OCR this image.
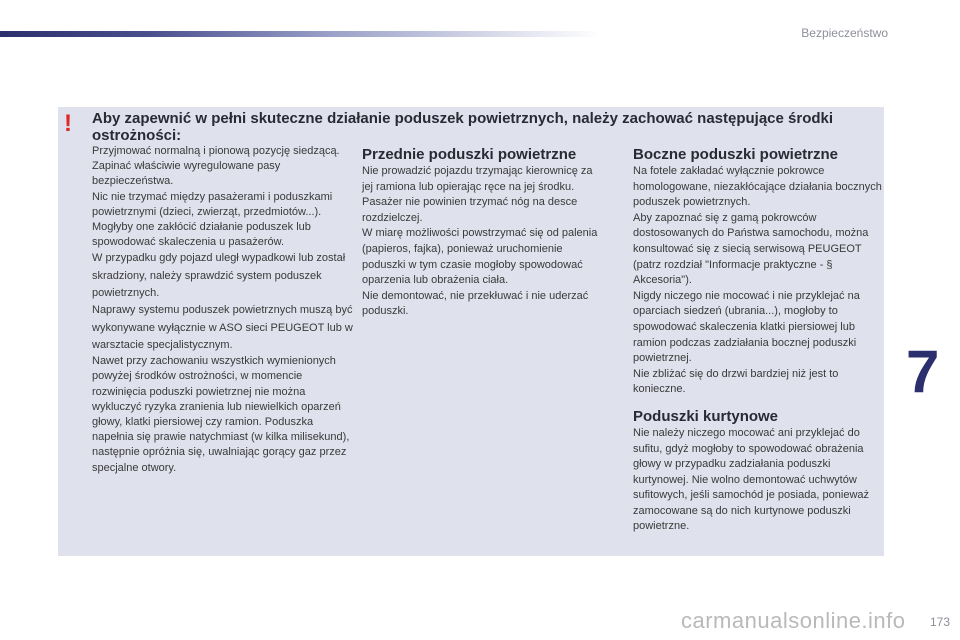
Bezpieczeństwo
! Aby zapewnić w pełni skuteczne działanie poduszek powietrznych, należy zachować następujące środki ostrożności:

Przyjmować normalną i pionową pozycję siedzącą.

Zapinać właściwie wyregulowane pasy bezpieczeństwa.

Nic nie trzymać między pasażerami i poduszkami powietrznymi (dzieci, zwierząt, przedmiotów...). Mogłyby one zakłócić działanie poduszek lub spowodować skaleczenia u pasażerów.

W przypadku gdy pojazd uległ wypadkowi lub został skradziony, należy sprawdzić system poduszek powietrznych.

Naprawy systemu poduszek powietrznych muszą być wykonywane wyłącznie w ASO sieci PEUGEOT lub w warsztacie specjalistycznym.

Nawet przy zachowaniu wszystkich wymienionych powyżej środków ostrożności, w momencie rozwinięcia poduszki powietrznej nie można wykluczyć ryzyka zranienia lub niewielkich oparzeń głowy, klatki piersiowej czy ramion. Poduszka napełnia się prawie natychmiast (w kilka milisekund), następnie opróżnia się, uwalniając gorący gaz przez specjalne otwory.

Przednie poduszki powietrzne

Nie prowadzić pojazdu trzymając kierownicę za jej ramiona lub opierając ręce na jej środku.

Pasażer nie powinien trzymać nóg na desce rozdzielczej.

W miarę możliwości powstrzymać się od palenia (papieros, fajka), ponieważ uruchomienie poduszki w tym czasie mogłoby spowodować oparzenia lub obrażenia ciała.

Nie demontować, nie przekłuwać i nie uderzać poduszki.

Boczne poduszki powietrzne

Na fotele zakładać wyłącznie pokrowce homologowane, niezakłócające działania bocznych poduszek powietrznych.

Aby zapoznać się z gamą pokrowców dostosowanych do Państwa samochodu, można konsultować się z siecią serwisową PEUGEOT (patrz rozdział "Informacje praktyczne - § Akcesoria").

Nigdy niczego nie mocować i nie przyklejać na oparciach siedzeń (ubrania...), mogłoby to spowodować skaleczenia klatki piersiowej lub ramion podczas zadziałania bocznej poduszki powietrznej.

Nie zbliżać się do drzwi bardziej niż jest to konieczne.

Poduszki kurtynowe

Nie należy niczego mocować ani przyklejać do sufitu, gdyż mogłoby to spowodować obrażenia głowy w przypadku zadziałania poduszki kurtynowej. Nie wolno demontować uchwytów sufitowych, jeśli samochód je posiada, ponieważ zamocowane są do nich kurtynowe poduszki powietrzne.

7
carmanualsonline.info 173
